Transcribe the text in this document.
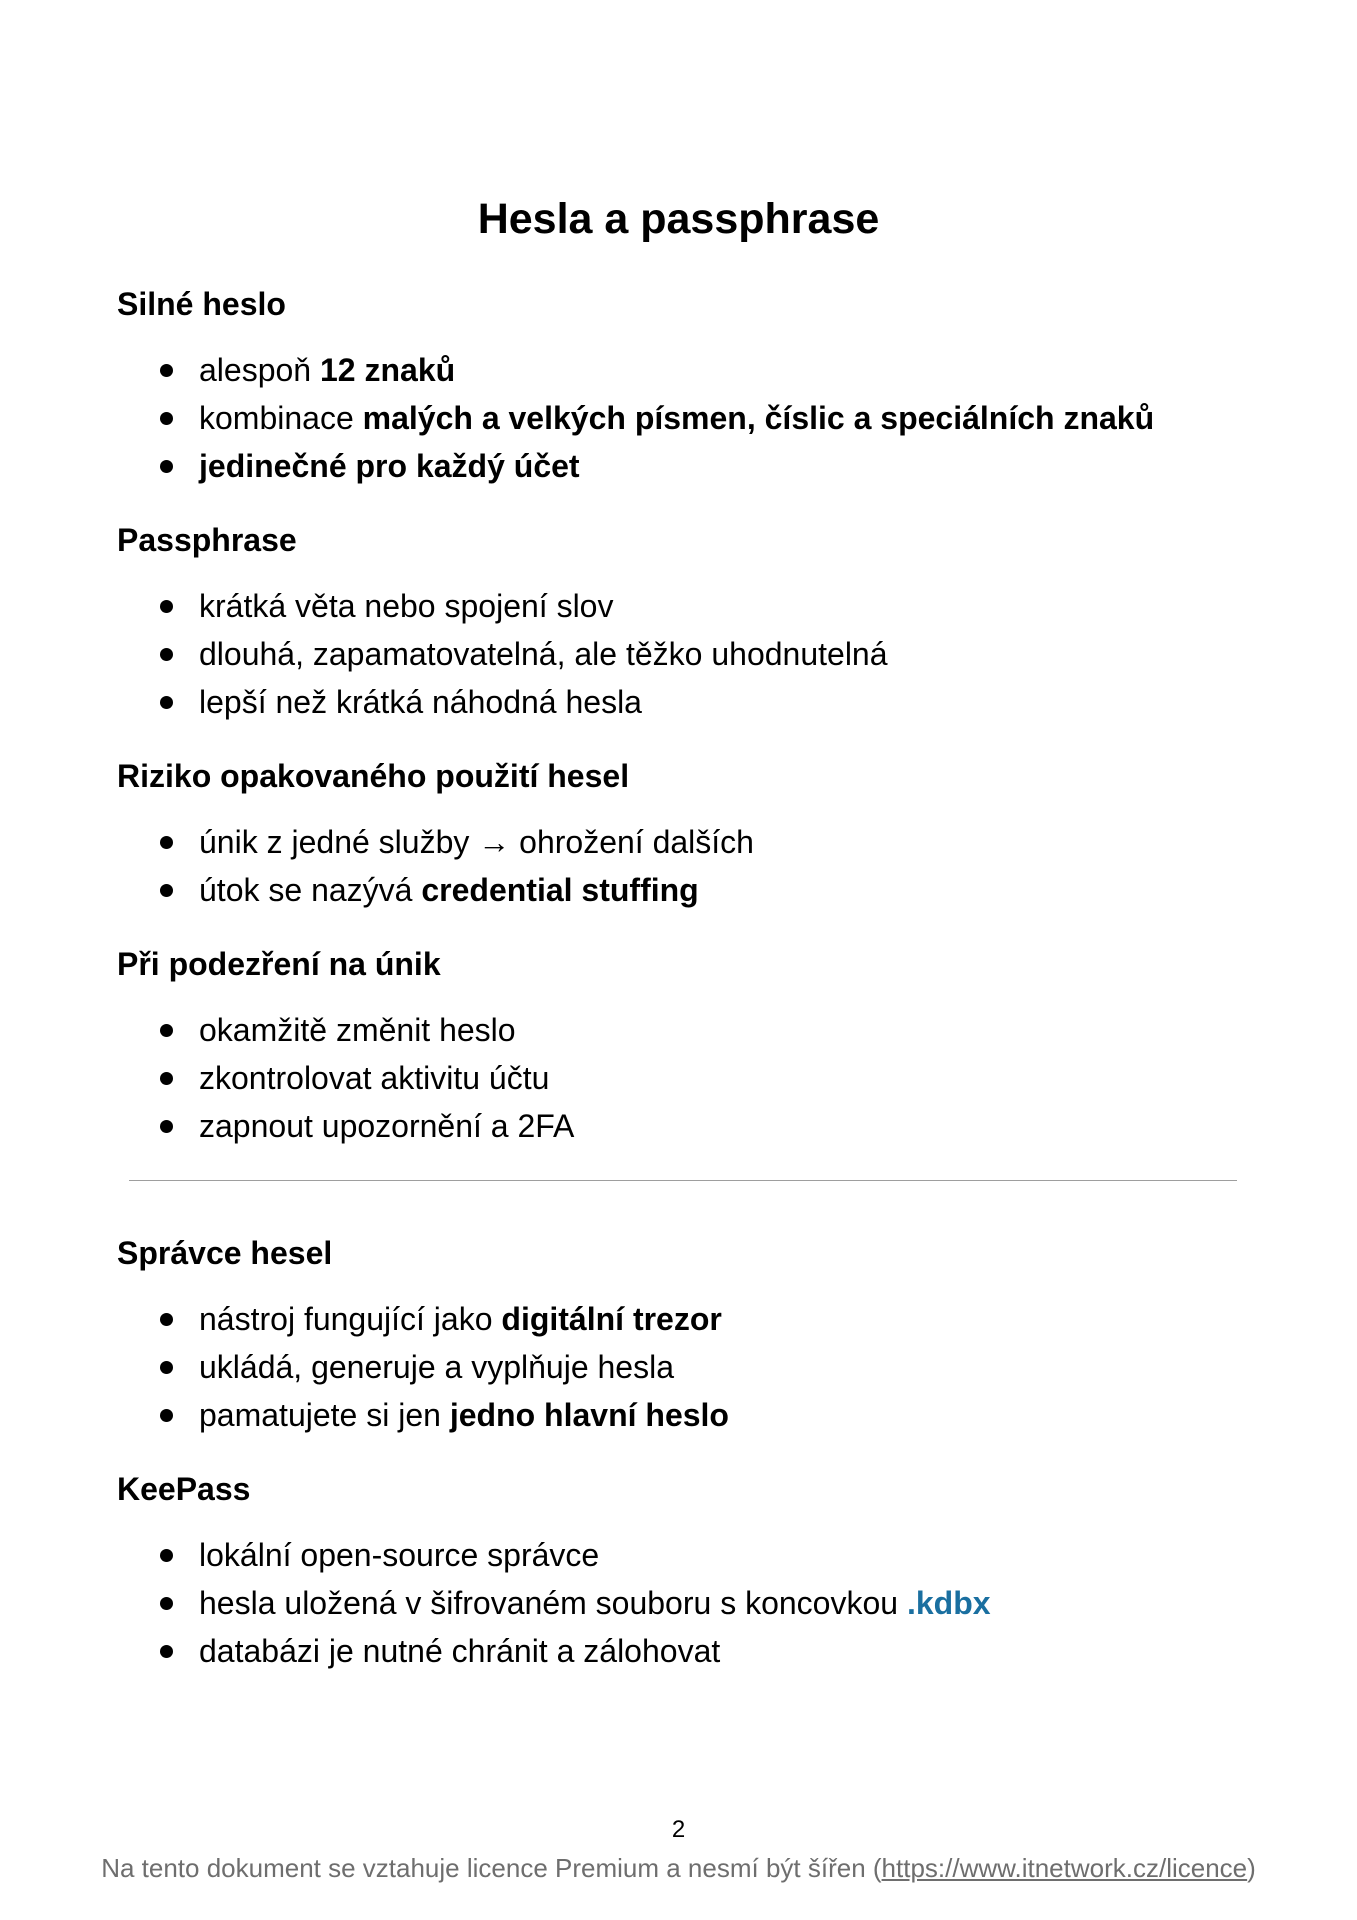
Hesla a passphrase
Silné heslo
alespoň 12 znaků
kombinace malých a velkých písmen, číslic a speciálních znaků
jedinečné pro každý účet
Passphrase
krátká věta nebo spojení slov
dlouhá, zapamatovatelná, ale těžko uhodnutelná
lepší než krátká náhodná hesla
Riziko opakovaného použití hesel
únik z jedné služby → ohrožení dalších
útok se nazývá credential stuffing
Při podezření na únik
okamžitě změnit heslo
zkontrolovat aktivitu účtu
zapnout upozornění a 2FA
Správce hesel
nástroj fungující jako digitální trezor
ukládá, generuje a vyplňuje hesla
pamatujete si jen jedno hlavní heslo
KeePass
lokální open-source správce
hesla uložená v šifrovaném souboru s koncovkou .kdbx
databázi je nutné chránit a zálohovat
2
Na tento dokument se vztahuje licence Premium a nesmí být šířen (https://www.itnetwork.cz/licence)
